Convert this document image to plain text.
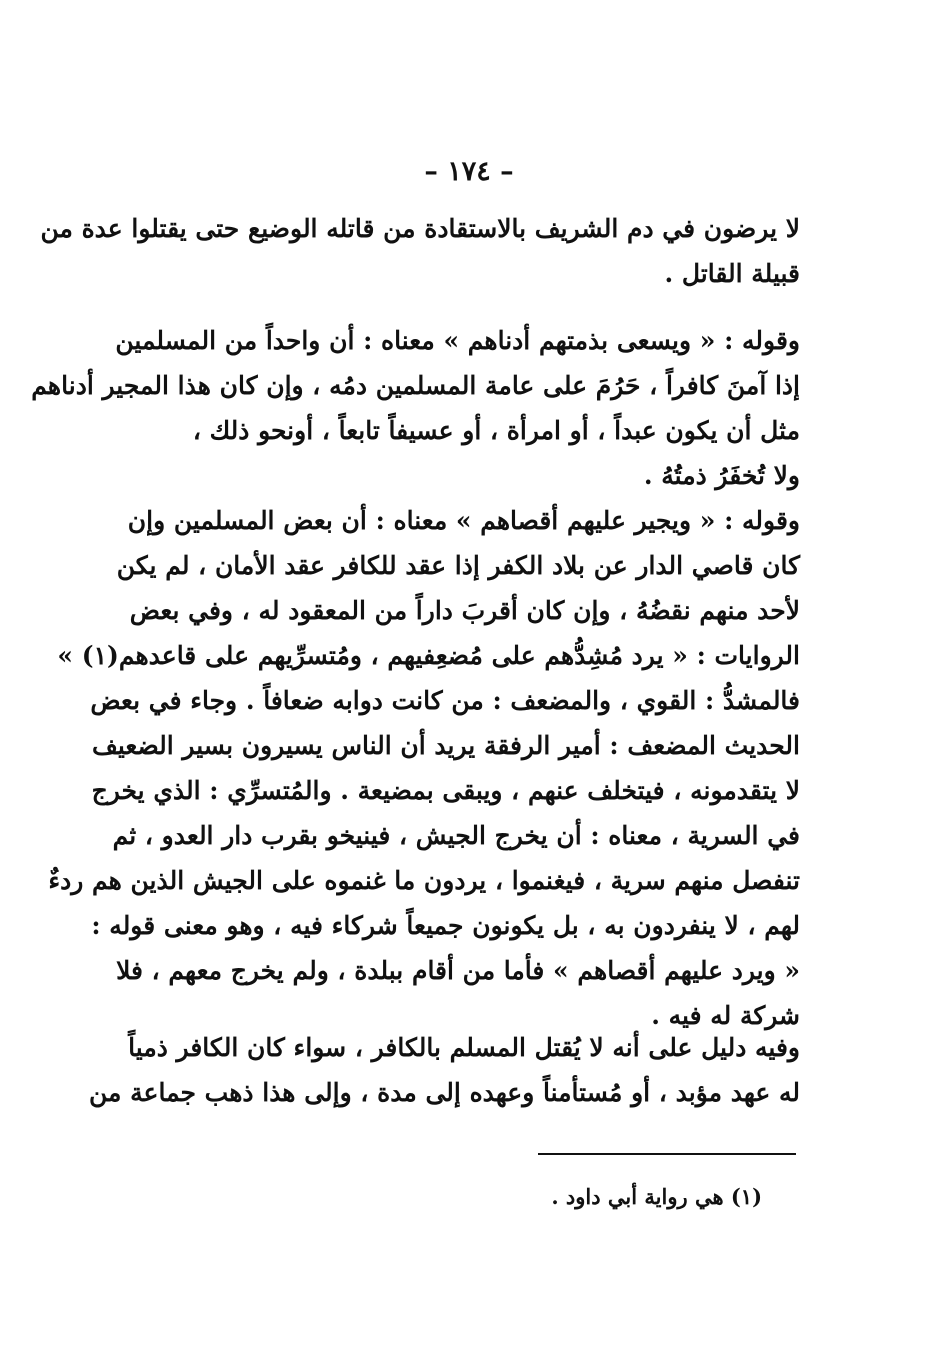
– ١٧٤ –
لا يرضون في دم الشريف بالاستقادة من قاتله الوضيع حتى يقتلوا عدة من
قبيلة القاتل .
وقوله : « ويسعى بذمتهم أدناهم » معناه : أن واحداً من المسلمين
إذا آمنَ كافراً ، حَرُمَ على عامة المسلمين دمُه ، وإن كان هذا المجير أدناهم
مثل أن يكون عبداً ، أو امرأة ، أو عسيفاً تابعاً ، أونحو ذلك ،
ولا تُخفَرُ ذمتُهُ .
وقوله : « ويجير عليهم أقصاهم » معناه : أن بعض المسلمين وإن
كان قاصي الدار عن بلاد الكفر إذا عقد للكافر عقد الأمان ، لم يكن
لأحد منهم نقضُهُ ، وإن كان أقربَ داراً من المعقود له ، وفي بعض
الروايات : « يرد مُشِدُّهم على مُضعِفيهم ، ومُتسرِّيهم على قاعدهم(١) »
فالمشدُّ : القوي ، والمضعف : من كانت دوابه ضعافاً . وجاء في بعض
الحديث المضعف : أمير الرفقة يريد أن الناس يسيرون بسير الضعيف
لا يتقدمونه ، فيتخلف عنهم ، ويبقى بمضيعة . والمُتسرِّي : الذي يخرج
في السرية ، معناه : أن يخرج الجيش ، فينيخو بقرب دار العدو ، ثم
تنفصل منهم سرية ، فيغنموا ، يردون ما غنموه على الجيش الذين هم ردءٌ
لهم ، لا ينفردون به ، بل يكونون جميعاً شركاء فيه ، وهو معنى قوله :
« ويرد عليهم أقصاهم » فأما من أقام ببلدة ، ولم يخرج معهم ، فلا
شركة له فيه .
وفيه دليل على أنه لا يُقتل المسلم بالكافر ، سواء كان الكافر ذمياً
له عهد مؤبد ، أو مُستأمناً وعهده إلى مدة ، وإلى هذا ذهب جماعة من
(١) هي رواية أبي داود .
